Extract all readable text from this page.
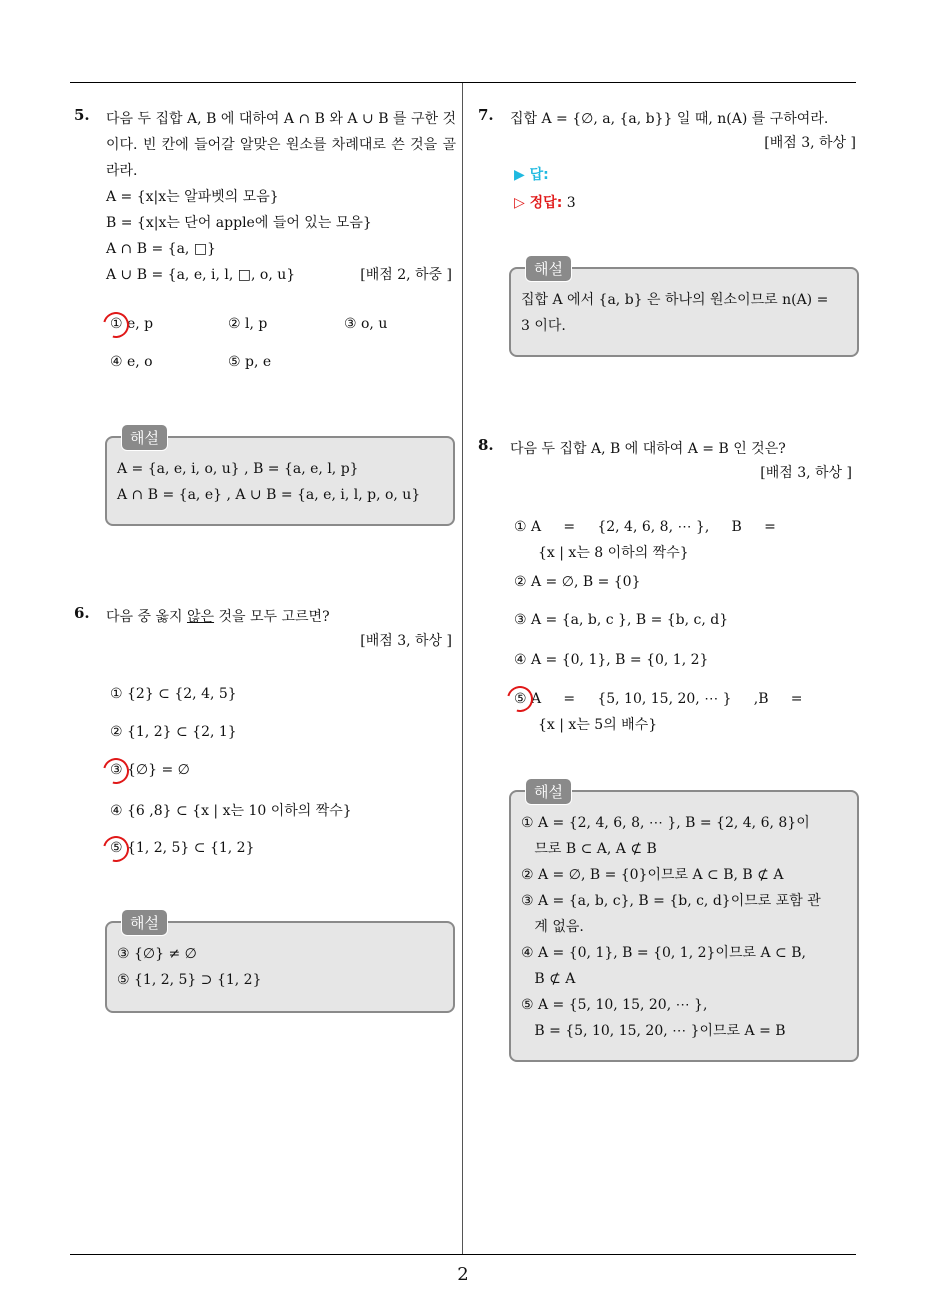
2
5. 다음 두 집합 A, B 에 대하여 A ∩ B 와 A ∪ B 를 구한 것이다. 빈 칸에 들어갈 알맞은 원소를 차례대로 쓴 것을 골라라.
A = {x|x는 알파벳의 모음}
B = {x|x는 단어 apple에 들어 있는 모음}
A ∩ B = {a, □}
A ∪ B = {a, e, i, l, □, o, u}	[배점 2, 하중 ]
① e, p	② l, p	③ o, u
④ e, o	⑤ p, e
해설
A = {a, e, i, o, u} , B = {a, e, l, p}
A ∩ B = {a, e} , A ∪ B = {a, e, i, l, p, o, u}
6. 다음 중 옳지 않은 것을 모두 고르면?
[배점 3, 하상 ]
① {2} ⊂ {2, 4, 5}
② {1, 2} ⊂ {2, 1}
③ {∅} = ∅
④ {6 ,8} ⊂ {x | x는 10 이하의 짝수}
⑤ {1, 2, 5} ⊂ {1, 2}
해설
③ {∅} ≠ ∅
⑤ {1, 2, 5} ⊃ {1, 2}
7. 집합 A = {∅, a, {a, b}} 일 때, n(A) 를 구하여라.
[배점 3, 하상 ]
▶ 답:
▷ 정답: 3
해설
집합 A 에서 {a, b} 은 하나의 원소이므로 n(A) =
3 이다.
8. 다음 두 집합 A, B 에 대하여 A = B 인 것은?
[배점 3, 하상 ]
① A     =     {2, 4, 6, 8, ⋯ },     B     =
{x | x는 8 이하의 짝수}
② A = ∅, B = {0}
③ A = {a, b, c }, B = {b, c, d}
④ A = {0, 1}, B = {0, 1, 2}
⑤ A     =     {5, 10, 15, 20, ⋯ }     ,B     =
{x | x는 5의 배수}
해설
① A = {2, 4, 6, 8, ⋯ }, B = {2, 4, 6, 8}이
므로 B ⊂ A, A ⊄ B
② A = ∅, B = {0}이므로 A ⊂ B, B ⊄ A
③ A = {a, b, c}, B = {b, c, d}이므로 포함 관
계 없음.
④ A = {0, 1}, B = {0, 1, 2}이므로 A ⊂ B,
B ⊄ A
⑤ A = {5, 10, 15, 20, ⋯ },
B = {5, 10, 15, 20, ⋯ }이므로 A = B
